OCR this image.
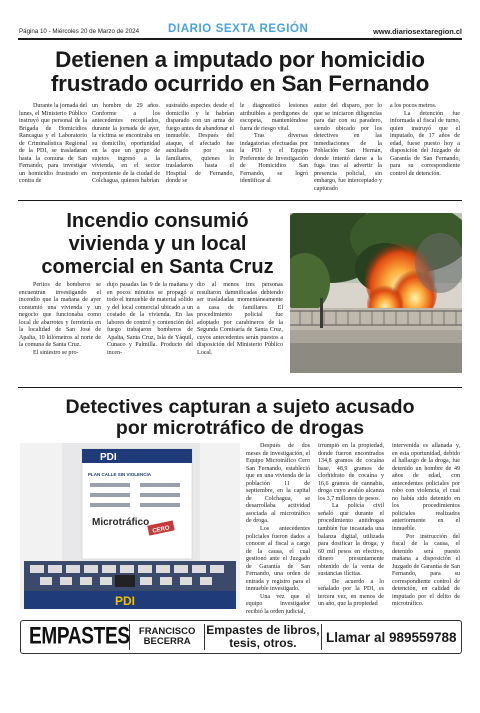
Página 10 - Miércoles 20 de Marzo de 2024	DIARIO SEXTA REGIÓN	www.diariosextaregion.cl
Detienen a imputado por homicidio
frustrado ocurrido en San Fernando

Durante la jornada del lunes, el Ministerio Público instruyó que personal de la Brigada de Homicidios Rancagua y el Laboratorio de Criminalística Regional de la PDI, se trasladaran hasta la comuna de San Fernando, para investigar un homicidio frustrado en contra de

un hombre de 29 años. Conforme a los antecedentes recopilados, durante la jornada de ayer, la víctima se encontraba en su domicilio, oportunidad en la que un grupo de sujetos ingresó a la vivienda, en el sector norponiente de la ciudad de Colchagua, quienes habrían

sustraído especies desde el domicilio y le habrían disparado con un arma de fuego antes de abandonar el inmueble. Después del ataque, el afectado fue auxiliado por sus familiares, quienes lo trasladaron hasta el Hospital de Fernando, donde se

le diagnosticó lesiones atribuibles a perdigones de escopeta, manteniéndose fuera de riesgo vital.

Tras diversas indagatorias efectuadas por la PDI y el Equipo Preferente de Investigación de Homicidios San Fernando, se logró identificar al

autor del disparo, por lo que se iniciaron diligencias para dar con su paradero, siendo ubicado por los detectives en las inmediaciones de la Población San Hernán, donde intentó darse a la fuga tras al advertir la presencia policial, sin embargo, fue interceptado y capturado

a los pocos metros.

La detención fue informada al fiscal de turno, quien instruyó que el imputado, de 17 años de edad, fuese puesto hoy a disposición del Juzgado de Garantía de San Fernando, para su correspondiente control de detención.

Incendio consumió
vivienda y un local
comercial en Santa Cruz

Peritos de bomberos se encuentran investigando el incendio que la mañana de ayer consumió una vivienda y un negocio que funcionaba como local de abarrotes y ferretería en la localidad de San José de Apalta, 10 kilómetros al norte de la comuna de Santa Cruz.

El siniestro se pro-

dujo pasadas las 9 de la mañana y en pocos minutos se propagó a todo el inmueble de material sólido y del local comercial ubicado a un costado de la vivienda. En las labores de control y contención del fuego trabajaron bomberos de Apalta, Santa Cruz, Isla de Yáquil, Cunaco y Palmilla. Producto del incen-

dio al menos tres personas resultaron damnificadas debiendo ser trasladadas momentáneamente a casa de familiares. El procedimiento policial fue adoptado por carabineros de la Segunda Comisaría de Santa Cruz, cuyos antecedentes serán puestos a disposición del Ministerio Público Local.

Detectives capturan a sujeto acusado
por microtráfico de drogas
PDI
PLAN CALLE SIN VIOLENCIA
Microtráfico
CERO
PDI

Después de dos meses de investigación, el Equipo Microtráfico Cero San Fernando, estableció que en una vivienda de la población 11 de septiembre, en la capital de Colchagua, se desarrollaba actividad asociada al microtráfico de droga.

Los antecedentes policiales fueron dados a conocer al fiscal a cargo de la causa, el cual gestionó ante el Juzgado de Garantía de San Fernando, una orden de entrada y registro para el inmueble investigado.

Una vez que el equipo investigador recibió la orden judicial,

irrumpió en la propiedad, donde fueron encontrados 134,8 gramos de cocaína base, 48,9 gramos de clorhidrato de cocaína y 16,6 gramos de cannabis, droga cuyo avalúo alcanza los 3,7 millones de pesos.

La policía civil señaló que durante el procedimiento antidrogas también fue incautada una balanza digital, utilizada para dosificar la droga, y 60 mil pesos en efectivo, dinero presuntamente obtenido de la venta de sustancias ilícitas.

De acuerdo a lo señalado por la PDI, es tercera vez, en menos de un año, que la propiedad

intervenida es allanada y, en esta oportunidad, debido al hallazgo de la droga, fue detenido un hombre de 49 años de edad, con antecedentes policiales por robo con violencia, el cual no había sido detenido en los procedimientos policiales realizados anteriormente en el inmueble.

Por instrucción del fiscal de la causa, el detenido será puesto mañana a disposición el Juzgado de Garantía de San Fernando, para su correspondiente control de detención, en calidad de imputado por el delito de microtráfico.

EMPASTES FRANCISCO
BECERRA
Empastes de libros,
tesis, otros.	Llamar al 989559788
